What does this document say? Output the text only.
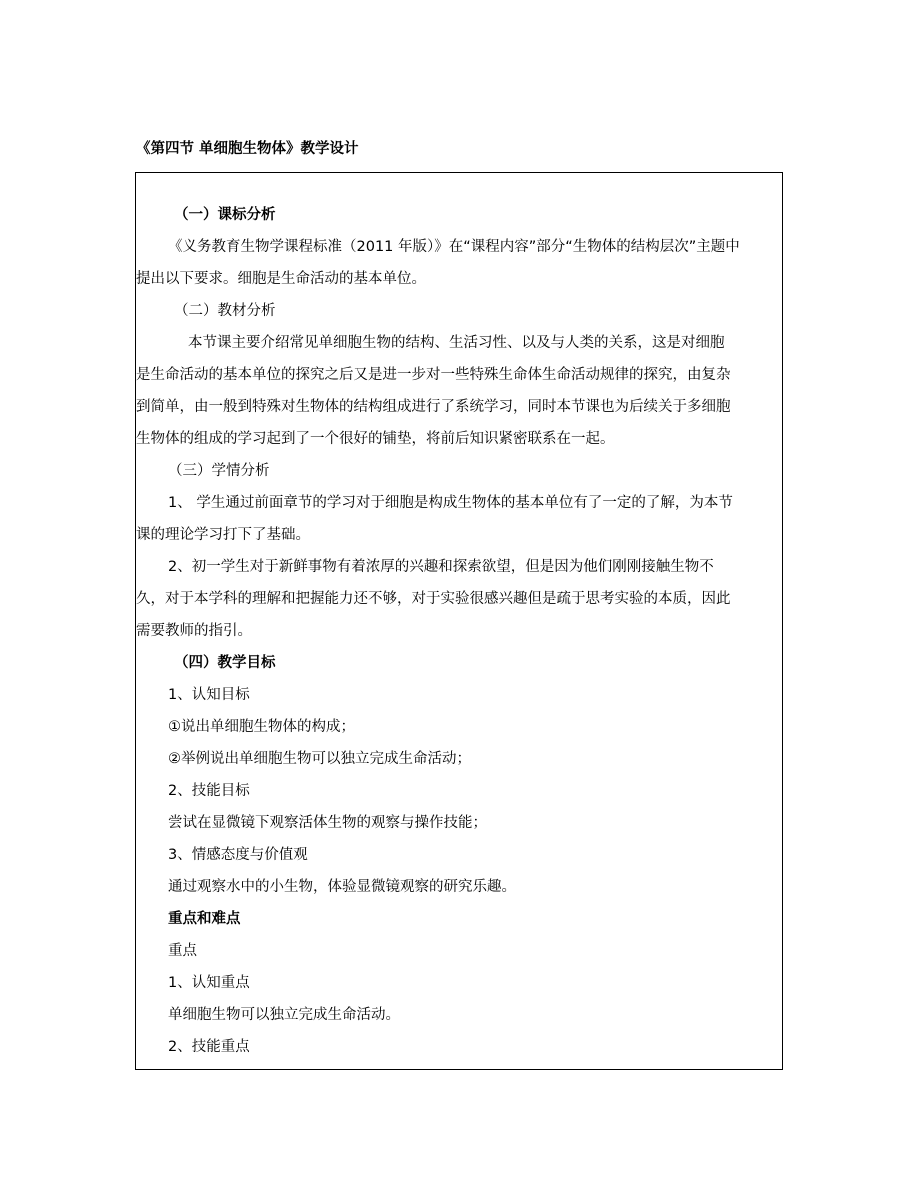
《第四节 单细胞生物体》教学设计
（一）课标分析
《义务教育生物学课程标准（2011 年版）》在“课程内容”部分“生物体的结构层次”主题中
提出以下要求。细胞是生命活动的基本单位。
（二）教材分析
本节课主要介绍常见单细胞生物的结构、生活习性、以及与人类的关系，这是对细胞
是生命活动的基本单位的探究之后又是进一步对一些特殊生命体生命活动规律的探究，由复杂
到简单，由一般到特殊对生物体的结构组成进行了系统学习，同时本节课也为后续关于多细胞
生物体的组成的学习起到了一个很好的铺垫，将前后知识紧密联系在一起。
（三）学情分析
1、 学生通过前面章节的学习对于细胞是构成生物体的基本单位有了一定的了解，为本节
课的理论学习打下了基础。
2、初一学生对于新鲜事物有着浓厚的兴趣和探索欲望，但是因为他们刚刚接触生物不
久，对于本学科的理解和把握能力还不够，对于实验很感兴趣但是疏于思考实验的本质，因此
需要教师的指引。
（四）教学目标
1、认知目标
①说出单细胞生物体的构成；
②举例说出单细胞生物可以独立完成生命活动；
2、技能目标
尝试在显微镜下观察活体生物的观察与操作技能；
3、情感态度与价值观
通过观察水中的小生物，体验显微镜观察的研究乐趣。
重点和难点
重点
1、认知重点
单细胞生物可以独立完成生命活动。
2、技能重点
